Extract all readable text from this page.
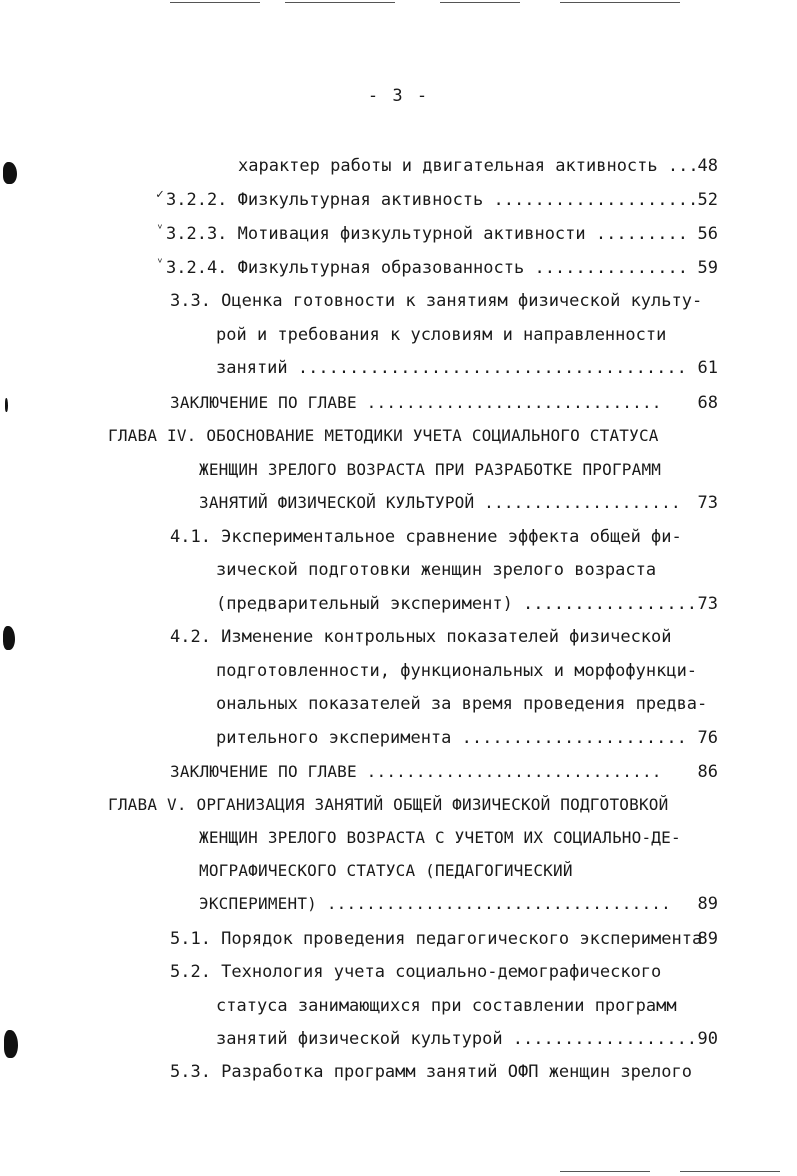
- 3 -
характер работы и двигательная активность ...
48
✓ 3.2.2. Физкультурная активность .................... 52
ᵛ 3.2.3. Мотивация физкультурной активности ......... 56
ᵛ 3.2.4. Физкультурная образованность ............... 59
3.3. Оценка готовности к занятиям физической культу-
рой и требования к условиям и направленности
занятий ...................................... 61
ЗАКЛЮЧЕНИЕ ПО ГЛАВЕ .............................. 68
ГЛАВА IV. ОБОСНОВАНИЕ МЕТОДИКИ УЧЕТА СОЦИАЛЬНОГО СТАТУСА
ЖЕНЩИН ЗРЕЛОГО ВОЗРАСТА ПРИ РАЗРАБОТКЕ ПРОГРАММ
ЗАНЯТИЙ ФИЗИЧЕСКОЙ КУЛЬТУРОЙ .................... 73
4.1. Экспериментальное сравнение эффекта общей фи-
зической подготовки женщин зрелого возраста
(предварительный эксперимент) ................. 73
4.2. Изменение контрольных показателей физической
подготовленности, функциональных и морфофункци-
ональных показателей за время проведения предва-
рительного эксперимента ...................... 76
ЗАКЛЮЧЕНИЕ ПО ГЛАВЕ .............................. 86
ГЛАВА V. ОРГАНИЗАЦИЯ ЗАНЯТИЙ ОБЩЕЙ ФИЗИЧЕСКОЙ ПОДГОТОВКОЙ
ЖЕНЩИН ЗРЕЛОГО ВОЗРАСТА С УЧЕТОМ ИХ СОЦИАЛЬНО-ДЕ-
МОГРАФИЧЕСКОГО СТАТУСА (ПЕДАГОГИЧЕСКИЙ
ЭКСПЕРИМЕНТ) ................................... 89
5.1. Порядок проведения педагогического эксперимента
89
5.2. Технология учета социально-демографического
статуса занимающихся при составлении программ
занятий физической культурой .................. 90
5.3. Разработка программ занятий ОФП женщин зрелого
